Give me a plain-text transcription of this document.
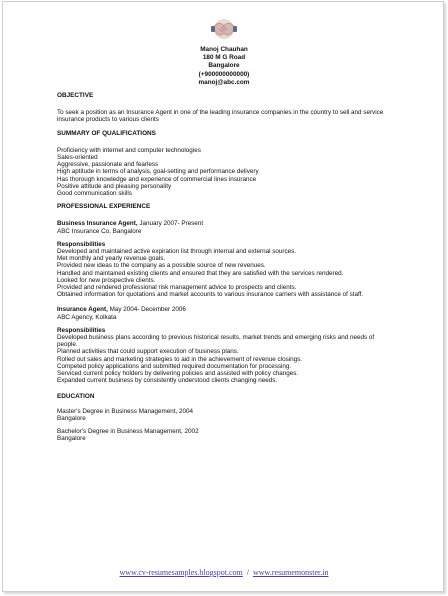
Manoj Chauhan
180 M G Road
Bangalore
(+900000000000)
manoj@abc.com
OBJECTIVE

To seek a position as an Insurance Agent in one of the leading insurance companies in the country to sell and service insurance products to various clients

SUMMARY OF QUALIFICATIONS
Proficiency with internet and computer technologies
Sales-oriented
Aggressive, passionate and fearless
High aptitude in terms of analysis, goal-setting and performance delivery
Has thorough knowledge and experience of commercial lines insurance
Positive attitude and pleasing personality
Good communication skills
PROFESSIONAL EXPERIENCE
Business Insurance Agent, January 2007- Present
ABC Insurance Co, Bangalore
Responsibilities
Developed and maintained active expiration list through internal and external sources.
Met monthly and yearly revenue goals.
Provided new ideas to the company as a possible source of new revenues.
Handled and maintained existing clients and ensured that they are satisfied with the services rendered.
Looked for new prospective clients.
Provided and rendered professional risk management advice to prospects and clients.
Obtained information for quotations and market accounts to various insurance carriers with assistance of staff.
Insurance Agent, May 2004- December 2006
ABC Agency, Kolkata
Responsibilities
Developed business plans according to previous historical results, market trends and emerging risks and needs of people.
Planned activities that could support execution of business plans.
Rolled out sales and marketing strategies to aid in the achievement of revenue closings.
Competed policy applications and submitted required documentation for processing.
Serviced current policy holders by delivering policies and assisted with policy changes.
Expanded current business by consistently understood clients changing needs.
EDUCATION
Master's Degree in Business Management, 2004
Bangalore
Bachelor's Degree in Business Management, 2002
Bangalore
www.cv-resumesamples.blogspot.com / www.resumemonster.in
